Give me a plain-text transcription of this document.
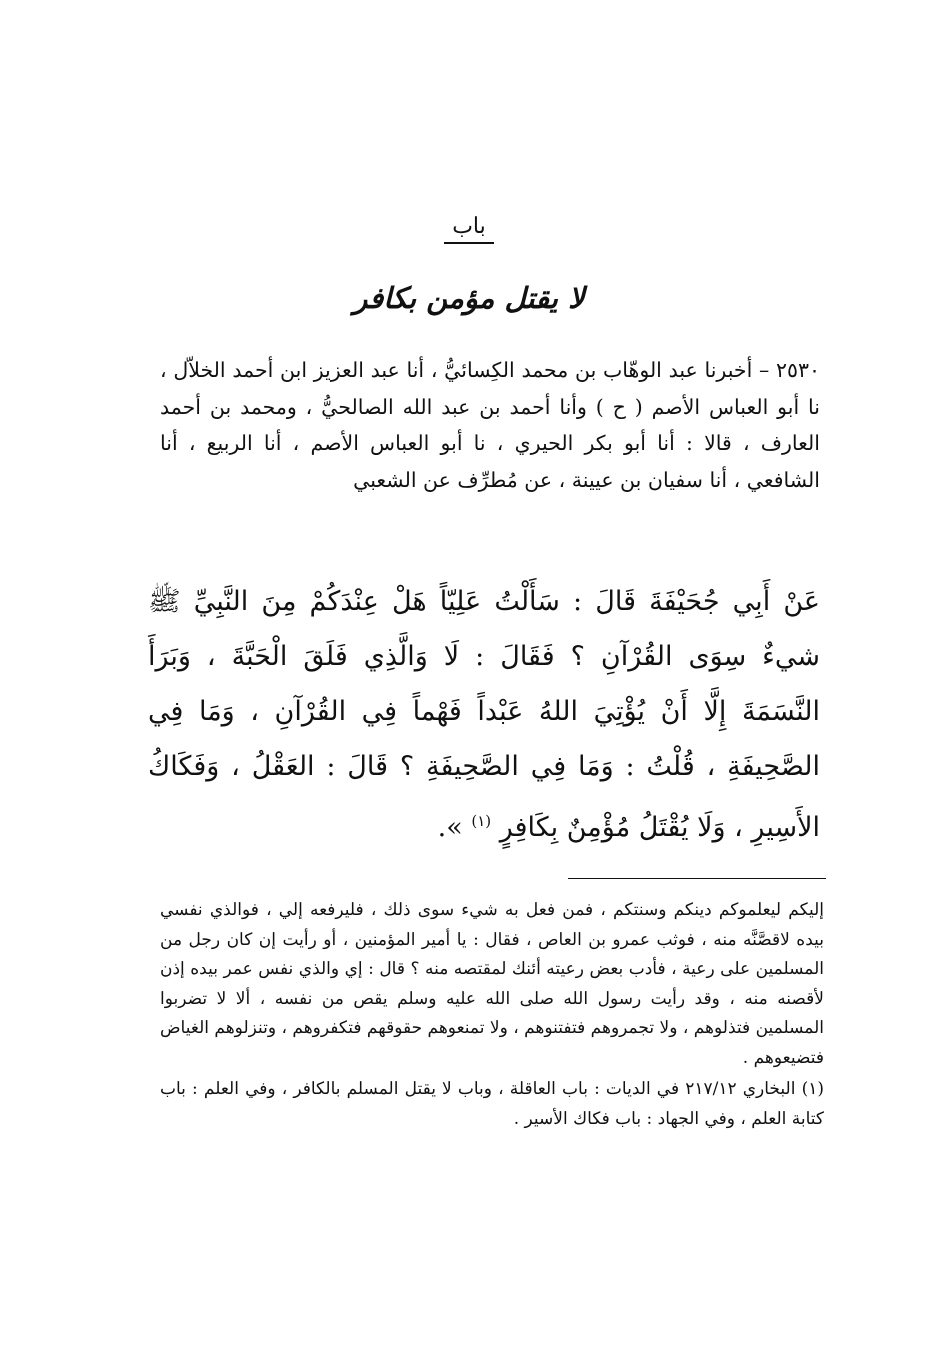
باب
لا يقتل مؤمن بكافر
٢٥٣٠ – أخبرنا عبد الوهّاب بن محمد الكِسائيُّ ، أنا عبد العزيز ابن أحمد الخلاّل ، نا أبو العباس الأصم ( ح ) وأنا أحمد بن عبد الله الصالحيُّ ، ومحمد بن أحمد العارف ، قالا : أنا أبو بكر الحيري ، نا أبو العباس الأصم ، أنا الربيع ، أنا الشافعي ، أنا سفيان بن عيينة ، عن مُطرِّف عن الشعبي
عَنْ أَبِي جُحَيْفَةَ قَالَ : سَأَلْتُ عَلِيّاً هَلْ عِنْدَكُمْ مِنَ النَّبِيِّ ﷺ شيءٌ سِوَى القُرْآنِ ؟ فَقَالَ : لَا وَالَّذِي فَلَقَ الْحَبَّةَ ، وَبَرَأَ النَّسَمَةَ إِلَّا أَنْ يُؤْتِيَ اللهُ عَبْداً فَهْماً فِي القُرْآنِ ، وَمَا فِي الصَّحِيفَةِ ، قُلْتُ : وَمَا فِي الصَّحِيفَةِ ؟ قَالَ : العَقْلُ ، وَفَكَاكُ الأَسِيرِ ، وَلَا يُقْتَلُ مُؤْمِنٌ بِكَافِرٍ $^{(١)}$ ».

إليكم ليعلموكم دينكم وسنتكم ، فمن فعل به شيء سوى ذلك ، فليرفعه إلي ، فوالذي نفسي بيده لاقصَّنَّه منه ، فوثب عمرو بن العاص ، فقال : يا أمير المؤمنين ، أو رأيت إن كان رجل من المسلمين على رعية ، فأدب بعض رعيته أئنك لمقتصه منه ؟ قال : إي والذي نفس عمر بيده إذن لأقصنه منه ، وقد رأيت رسول الله صلى الله عليه وسلم يقص من نفسه ، ألا لا تضربوا المسلمين فتذلوهم ، ولا تجمروهم فتفتنوهم ، ولا تمنعوهم حقوقهم فتكفروهم ، وتنزلوهم الغياض فتضيعوهم .

(١) البخاري ٢١٧/١٢ في الديات : باب العاقلة ، وباب لا يقتل المسلم بالكافر ، وفي العلم : باب كتابة العلم ، وفي الجهاد : باب فكاك الأسير .
